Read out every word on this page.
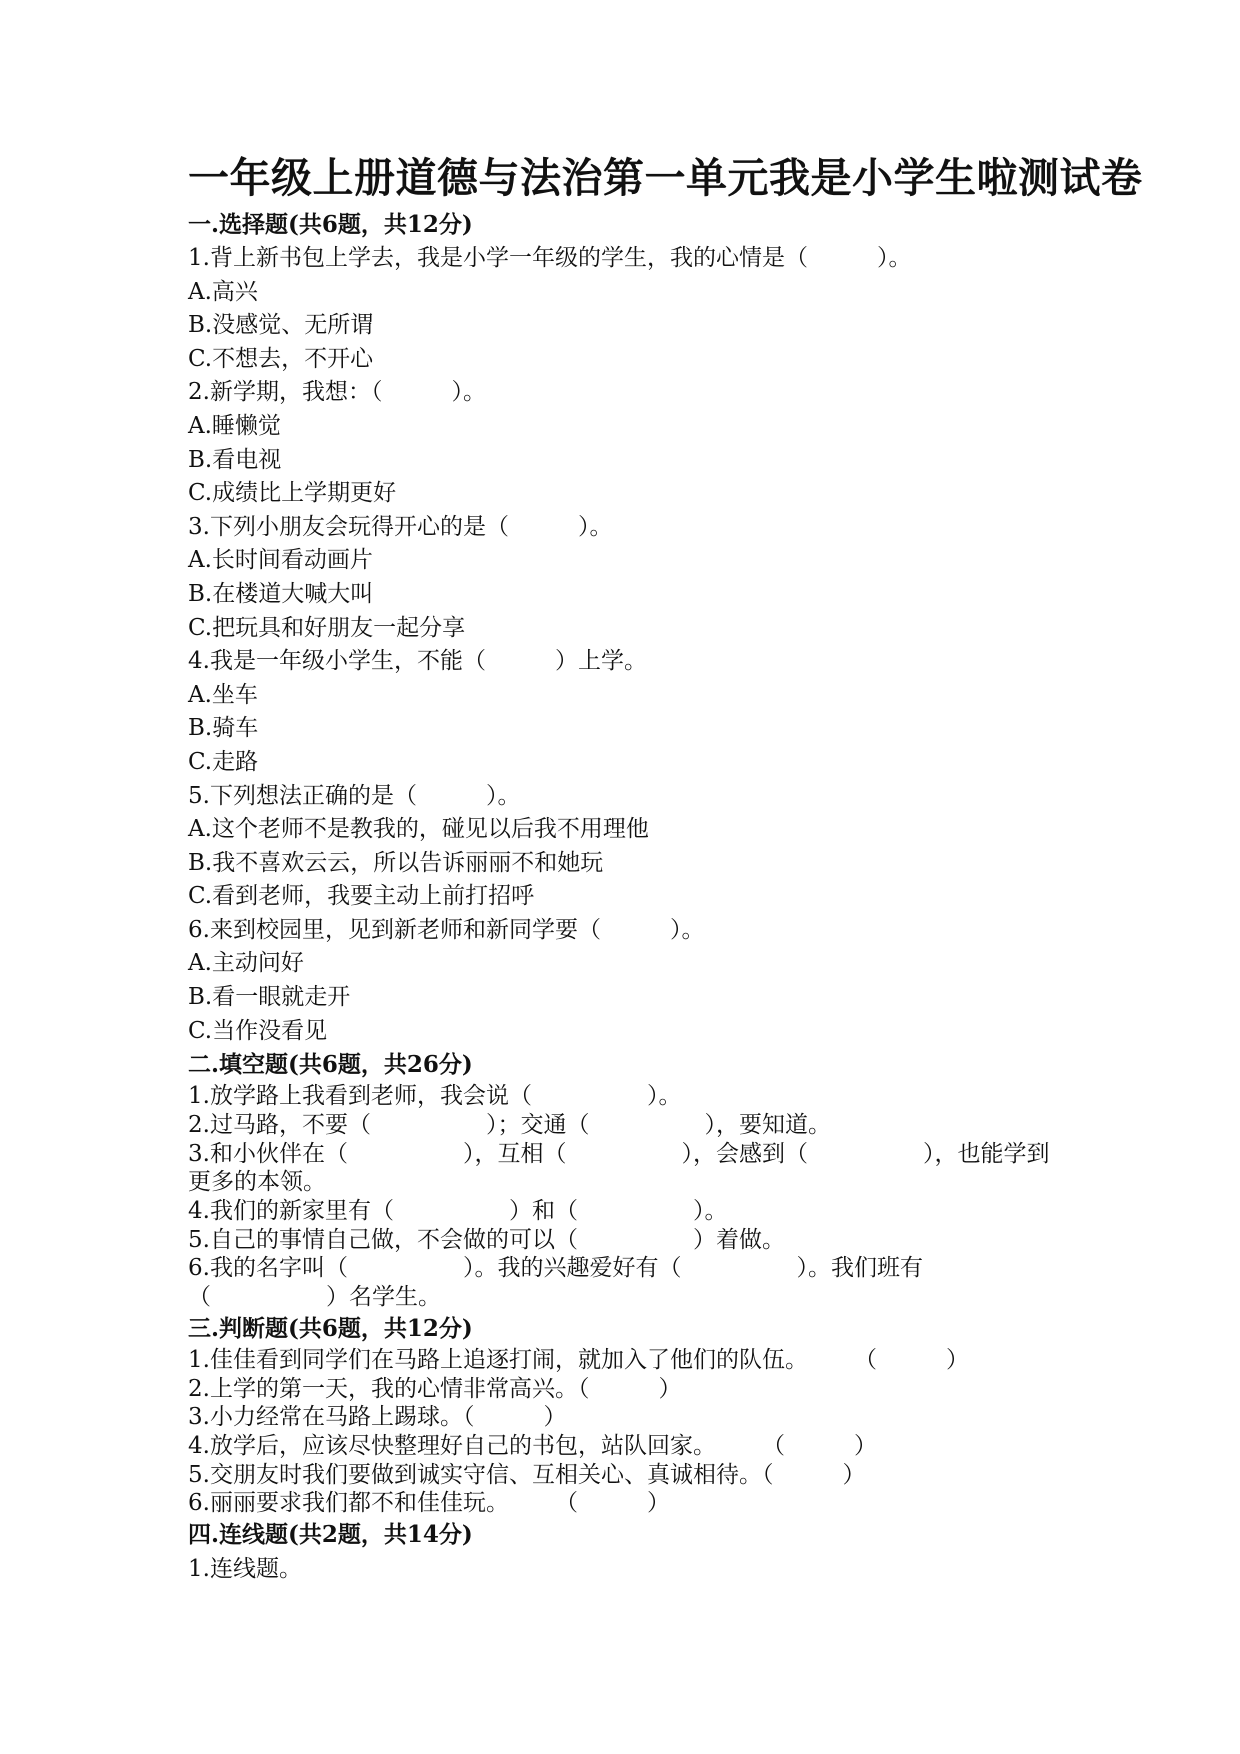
一年级上册道德与法治第一单元我是小学生啦测试卷
一.选择题(共6题，共12分)
1.背上新书包上学去，我是小学一年级的学生，我的心情是（　　　）。
A.高兴
B.没感觉、无所谓
C.不想去，不开心
2.新学期，我想：（　　　）。
A.睡懒觉
B.看电视
C.成绩比上学期更好
3.下列小朋友会玩得开心的是（　　　）。
A.长时间看动画片
B.在楼道大喊大叫
C.把玩具和好朋友一起分享
4.我是一年级小学生，不能（　　　）上学。
A.坐车
B.骑车
C.走路
5.下列想法正确的是（　　　）。
A.这个老师不是教我的，碰见以后我不用理他
B.我不喜欢云云，所以告诉丽丽不和她玩
C.看到老师，我要主动上前打招呼
6.来到校园里，见到新老师和新同学要（　　　）。
A.主动问好
B.看一眼就走开
C.当作没看见
二.填空题(共6题，共26分)
1.放学路上我看到老师，我会说（　　　　　）。
2.过马路，不要（　　　　　）；交通（　　　　　），要知道。
3.和小伙伴在（　　　　　），互相（　　　　　），会感到（　　　　　），也能学到更多的本领。
4.我们的新家里有（　　　　　）和（　　　　　）。
5.自己的事情自己做，不会做的可以（　　　　　）着做。
6.我的名字叫（　　　　　）。我的兴趣爱好有（　　　　　）。我们班有（　　　　　）名学生。
三.判断题(共6题，共12分)
1.佳佳看到同学们在马路上追逐打闹，就加入了他们的队伍。　　　（　　　）
2.上学的第一天，我的心情非常高兴。（　　　）
3.小力经常在马路上踢球。（　　　）
4.放学后，应该尽快整理好自己的书包，站队回家。　　　（　　　）
5.交朋友时我们要做到诚实守信、互相关心、真诚相待。（　　　）
6.丽丽要求我们都不和佳佳玩。　　　（　　　）
四.连线题(共2题，共14分)
1.连线题。
